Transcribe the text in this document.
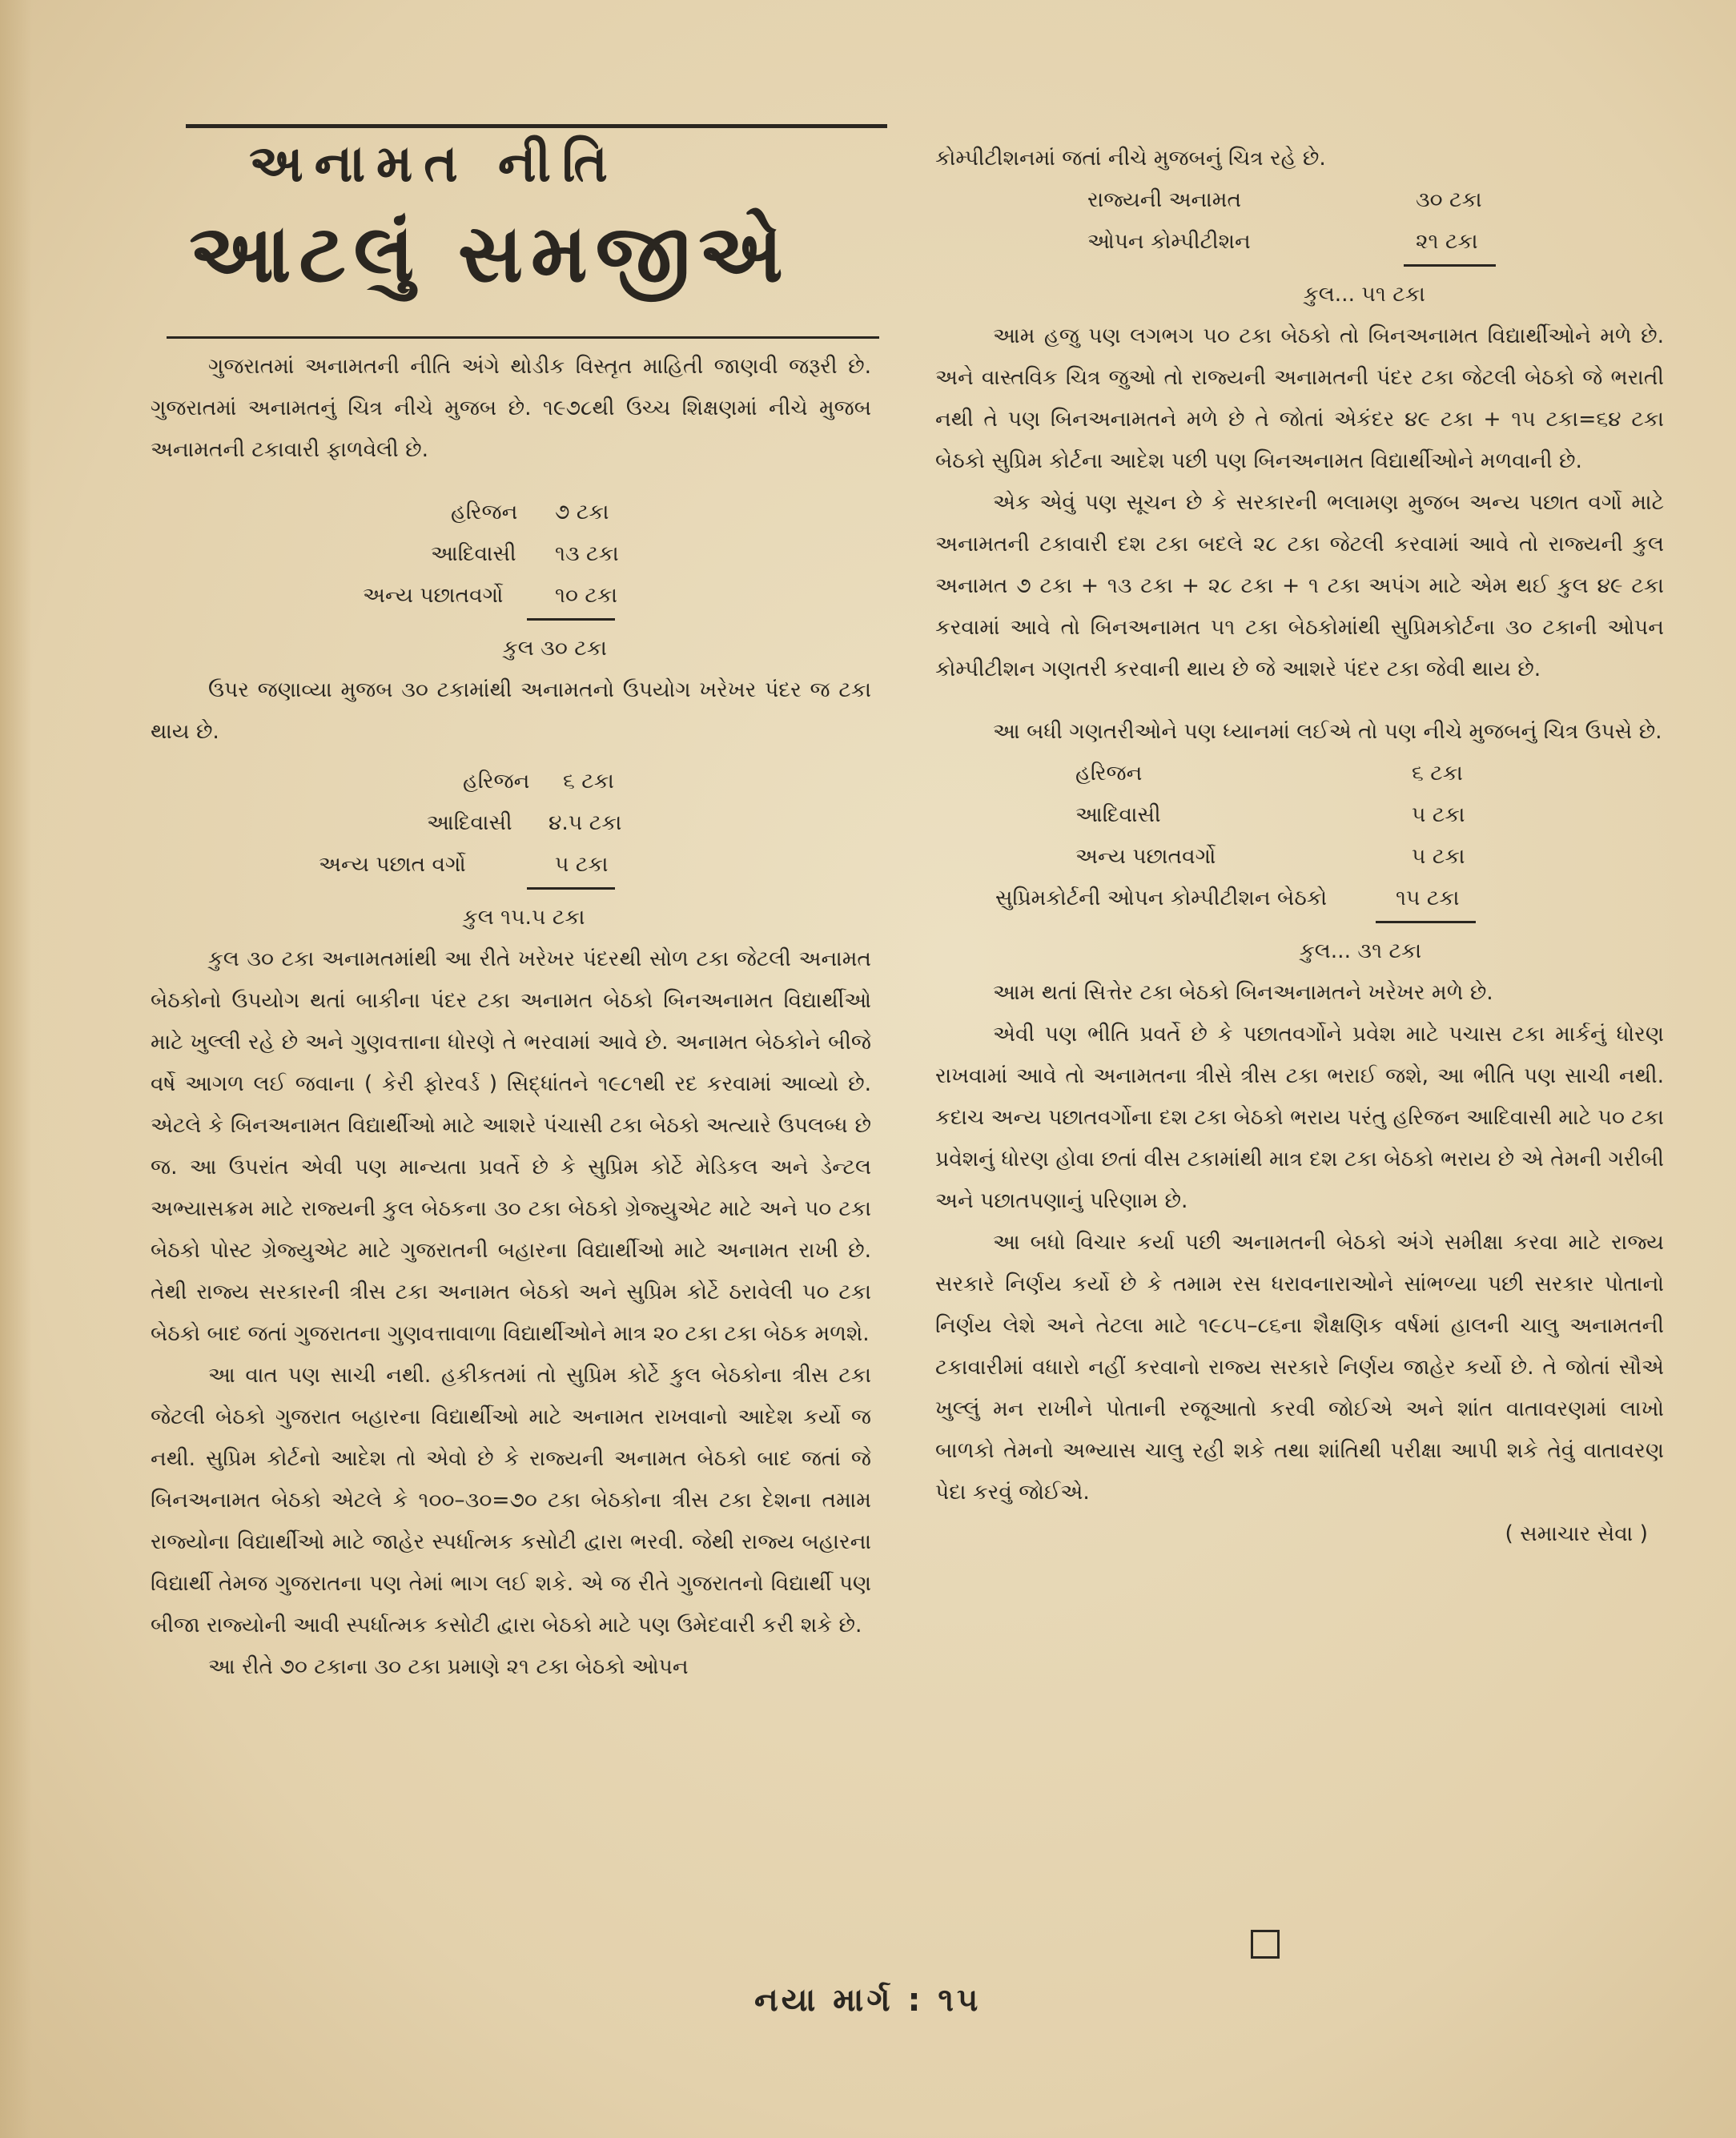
અનામત નીતિ
આટલું સમજીએ

ગુજરાતમાં અનામતની નીતિ અંગે થોડીક વિસ્તૃત માહિતી જાણવી જરૂરી છે. ગુજરાતમાં અનામતનું ચિત્ર નીચે મુજબ છે. ૧૯૭૮થી ઉચ્ચ શિક્ષણમાં નીચે મુજબ અનામતની ટકાવારી ફાળવેલી છે.

હરિજન ૭ ટકા
આદિવાસી ૧૩ ટકા
અન્ય પછાતવર્ગો ૧૦ ટકા
કુલ ૩૦ ટકા

ઉપર જણાવ્યા મુજબ ૩૦ ટકામાંથી અનામતનો ઉપયોગ ખરેખર પંદર જ ટકા થાય છે.

હરિજન ૬ ટકા
આદિવાસી ૪.૫ ટકા
અન્ય પછાત વર્ગો	૫ ટકા
કુલ ૧૫.૫ ટકા

કુલ ૩૦ ટકા અનામતમાંથી આ રીતે ખરેખર પંદરથી સોળ ટકા જેટલી અનામત બેઠકોનો ઉપયોગ થતાં બાકીના પંદર ટકા અનામત બેઠકો બિનઅનામત વિદ્યાર્થીઓ માટે ખુલ્લી રહે છે અને ગુણવત્તાના ધોરણે તે ભરવામાં આવે છે. અનામત બેઠકોને બીજે વર્ષે આગળ લઈ જવાના ( કેરી ફોરવર્ડ ) સિદ્ધાંતને ૧૯૮૧થી રદ કરવામાં આવ્યો છે. એટલે કે બિનઅનામત વિદ્યાર્થીઓ માટે આશરે પંચાસી ટકા બેઠકો અત્યારે ઉપલબ્ધ છે જ. આ ઉપરાંત એવી પણ માન્યતા પ્રવર્તે છે કે સુપ્રિમ કોર્ટે મેડિકલ અને ડેન્ટલ અભ્યાસક્રમ માટે રાજ્યની કુલ બેઠકના ૩૦ ટકા બેઠકો ગ્રેજ્યુએટ માટે અને ૫૦ ટકા બેઠકો પોસ્ટ ગ્રેજ્યુએટ માટે ગુજરાતની બહારના વિદ્યાર્થીઓ માટે અનામત રાખી છે. તેથી રાજ્ય સરકારની ત્રીસ ટકા અનામત બેઠકો અને સુપ્રિમ કોર્ટે ઠરાવેલી ૫૦ ટકા બેઠકો બાદ જતાં ગુજરાતના ગુણવત્તાવાળા વિદ્યાર્થીઓને માત્ર ૨૦ ટકા ટકા બેઠક મળશે.

આ વાત પણ સાચી નથી. હકીકતમાં તો સુપ્રિમ કોર્ટે કુલ બેઠકોના ત્રીસ ટકા જેટલી બેઠકો ગુજરાત બહારના વિદ્યાર્થીઓ માટે અનામત રાખવાનો આદેશ કર્યો જ નથી. સુપ્રિમ કોર્ટનો આદેશ તો એવો છે કે રાજ્યની અનામત બેઠકો બાદ જતાં જે બિનઅનામત બેઠકો એટલે કે ૧૦૦–૩૦=૭૦ ટકા બેઠકોના ત્રીસ ટકા દેશના તમામ રાજ્યોના વિદ્યાર્થીઓ માટે જાહેર સ્પર્ધાત્મક કસોટી દ્વારા ભરવી. જેથી રાજ્ય બહારના વિદ્યાર્થી તેમજ ગુજરાતના પણ તેમાં ભાગ લઈ શકે. એ જ રીતે ગુજરાતનો વિદ્યાર્થી પણ બીજા રાજ્યોની આવી સ્પર્ધાત્મક કસોટી દ્વારા બેઠકો માટે પણ ઉમેદવારી કરી શકે છે.

આ રીતે ૭૦ ટકાના ૩૦ ટકા પ્રમાણે ૨૧ ટકા બેઠકો ઓપન

કોમ્પીટીશનમાં જતાં નીચે મુજબનું ચિત્ર રહે છે.

રાજ્યની અનામત	૩૦ ટકા
ઓપન કોમ્પીટીશન	૨૧ ટકા
કુલ... ૫૧ ટકા

આમ હજુ પણ લગભગ ૫૦ ટકા બેઠકો તો બિનઅનામત વિદ્યાર્થીઓને મળે છે. અને વાસ્તવિક ચિત્ર જુઓ તો રાજ્યની અનામતની પંદર ટકા જેટલી બેઠકો જે ભરાતી નથી તે પણ બિનઅનામતને મળે છે તે જોતાં એકંદર ૪૯ ટકા + ૧૫ ટકા=૬૪ ટકા બેઠકો સુપ્રિમ કોર્ટના આદેશ પછી પણ બિનઅનામત વિદ્યાર્થીઓને મળવાની છે.

એક એવું પણ સૂચન છે કે સરકારની ભલામણ મુજબ અન્ય પછાત વર્ગો માટે અનામતની ટકાવારી દશ ટકા બદલે ૨૮ ટકા જેટલી કરવામાં આવે તો રાજ્યની કુલ અનામત ૭ ટકા + ૧૩ ટકા + ૨૮ ટકા + ૧ ટકા અપંગ માટે એમ થઈ કુલ ૪૯ ટકા કરવામાં આવે તો બિનઅનામત ૫૧ ટકા બેઠકોમાંથી સુપ્રિમકોર્ટના ૩૦ ટકાની ઓપન કોમ્પીટીશન ગણતરી કરવાની થાય છે જે આશરે પંદર ટકા જેવી થાય છે.

આ બધી ગણતરીઓને પણ ધ્યાનમાં લઈએ તો પણ નીચે મુજબનું ચિત્ર ઉપસે છે.

હરિજન	૬ ટકા
આદિવાસી	૫ ટકા
અન્ય પછાતવર્ગો	૫ ટકા
સુપ્રિમકોર્ટની ઓપન કોમ્પીટીશન બેઠકો	૧૫ ટકા
કુલ... ૩૧ ટકા

આમ થતાં સિત્તેર ટકા બેઠકો બિનઅનામતને ખરેખર મળે છે.

એવી પણ ભીતિ પ્રવર્તે છે કે પછાતવર્ગોને પ્રવેશ માટે પચાસ ટકા માર્કનું ધોરણ રાખવામાં આવે તો અનામતના ત્રીસે ત્રીસ ટકા ભરાઈ જશે, આ ભીતિ પણ સાચી નથી. કદાચ અન્ય પછાતવર્ગોના દશ ટકા બેઠકો ભરાય પરંતુ હરિજન આદિવાસી માટે ૫૦ ટકા પ્રવેશનું ધોરણ હોવા છતાં વીસ ટકામાંથી માત્ર દશ ટકા બેઠકો ભરાય છે એ તેમની ગરીબી અને પછાતપણાનું પરિણામ છે.

આ બધો વિચાર કર્યા પછી અનામતની બેઠકો અંગે સમીક્ષા કરવા માટે રાજ્ય સરકારે નિર્ણય કર્યો છે કે તમામ રસ ધરાવનારાઓને સાંભળ્યા પછી સરકાર પોતાનો નિર્ણય લેશે અને તેટલા માટે ૧૯૮૫–૮૬ના શૈક્ષણિક વર્ષમાં હાલની ચાલુ અનામતની ટકાવારીમાં વધારો નહીં કરવાનો રાજ્ય સરકારે નિર્ણય જાહેર કર્યો છે. તે જોતાં સૌએ ખુલ્લું મન રાખીને પોતાની રજૂઆતો કરવી જોઈએ અને શાંત વાતાવરણમાં લાખો બાળકો તેમનો અભ્યાસ ચાલુ રહી શકે તથા શાંતિથી પરીક્ષા આપી શકે તેવું વાતાવરણ પેદા કરવું જોઈએ.

( સમાચાર સેવા )
નયા માર્ગ : ૧૫
